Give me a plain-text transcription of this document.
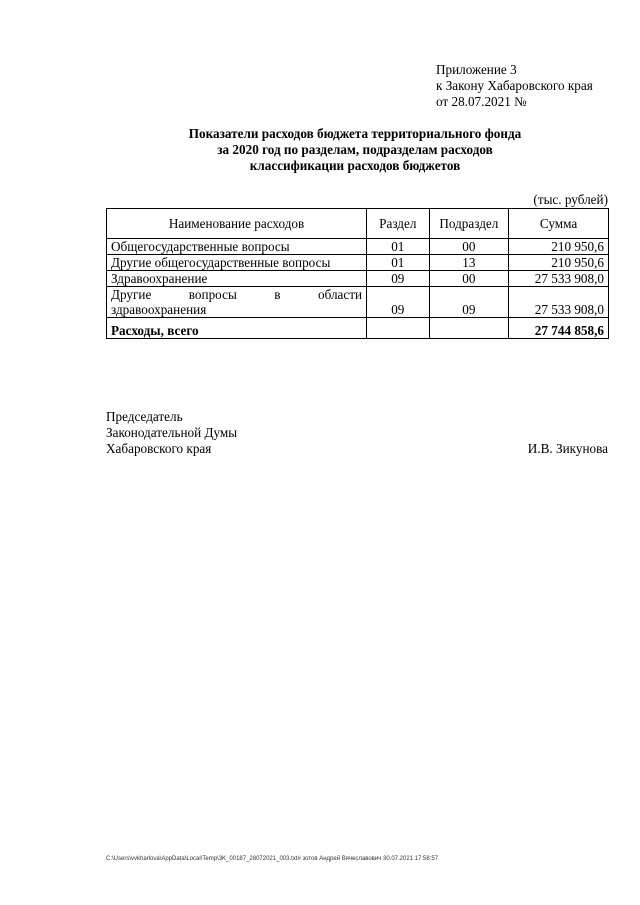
Приложение 3
к Закону Хабаровского края
от 28.07.2021 №
Показатели расходов бюджета территориального фонда
за 2020 год по разделам, подразделам расходов
классификации расходов бюджетов
(тыс. рублей)
Наименование расходов	Раздел	Подраздел	Сумма
Общегосударственные вопросы	01	00	210 950,6
Другие общегосударственные вопросы	01	13	210 950,6
Здравоохранение	09	00	27 533 908,0

Другие вопросы в области
здравоохранения	09	09	27 533 908,0
Расходы, всего			27 744 858,6
Председатель
Законодательной Думы
Хабаровского края	И.В. Зикунова
C:\Users\vvkharlova\AppData\Local\Temp\3K_00187_28072021_003.txt# зотов Андрей Вячеславович 30.07.2021 17:58:57
